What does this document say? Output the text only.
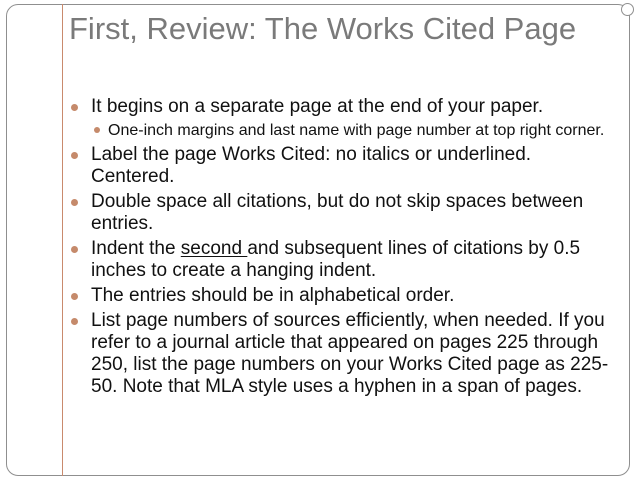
First, Review: The Works Cited Page
It begins on a separate page at the end of your paper.
One-inch margins and last name with page number at top right corner.
Label the page Works Cited: no italics or underlined. Centered.
Double space all citations, but do not skip spaces between entries.
Indent the second and subsequent lines of citations by 0.5 inches to create a hanging indent.
The entries should be in alphabetical order.
List page numbers of sources efficiently, when needed. If you refer to a journal article that appeared on pages 225 through 250, list the page numbers on your Works Cited page as 225-50. Note that MLA style uses a hyphen in a span of pages.
